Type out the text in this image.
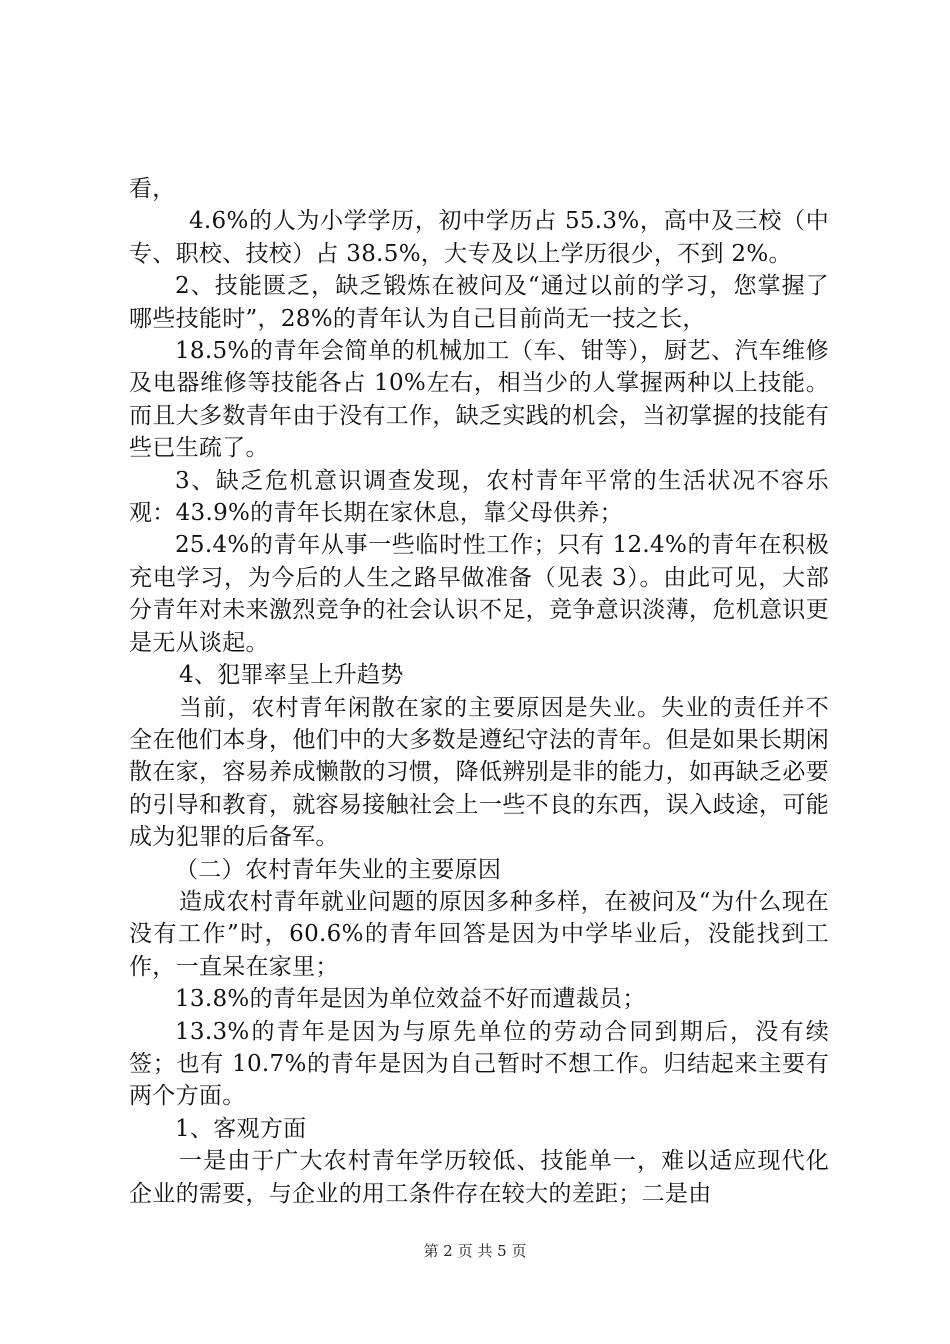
看，

4.6%的人为小学学历，初中学历占 55.3%，高中及三校（中专、职校、技校）占 38.5%，大专及以上学历很少，不到 2%。

2、技能匮乏，缺乏锻炼在被问及“通过以前的学习，您掌握了哪些技能时”，28%的青年认为自己目前尚无一技之长，

18.5%的青年会简单的机械加工（车、钳等），厨艺、汽车维修及电器维修等技能各占 10%左右，相当少的人掌握两种以上技能。而且大多数青年由于没有工作，缺乏实践的机会，当初掌握的技能有些已生疏了。

3、缺乏危机意识调查发现，农村青年平常的生活状况不容乐观：43.9%的青年长期在家休息，靠父母供养；

25.4%的青年从事一些临时性工作；只有 12.4%的青年在积极充电学习，为今后的人生之路早做准备（见表 3）。由此可见，大部分青年对未来激烈竞争的社会认识不足，竞争意识淡薄，危机意识更是无从谈起。

4、犯罪率呈上升趋势

当前，农村青年闲散在家的主要原因是失业。失业的责任并不全在他们本身，他们中的大多数是遵纪守法的青年。但是如果长期闲散在家，容易养成懒散的习惯，降低辨别是非的能力，如再缺乏必要的引导和教育，就容易接触社会上一些不良的东西，误入歧途，可能成为犯罪的后备军。

（二）农村青年失业的主要原因

造成农村青年就业问题的原因多种多样，在被问及“为什么现在没有工作”时，60.6%的青年回答是因为中学毕业后，没能找到工作，一直呆在家里；

13.8%的青年是因为单位效益不好而遭裁员；

13.3%的青年是因为与原先单位的劳动合同到期后，没有续签；也有 10.7%的青年是因为自己暂时不想工作。归结起来主要有两个方面。

1、客观方面

一是由于广大农村青年学历较低、技能单一，难以适应现代化企业的需要，与企业的用工条件存在较大的差距；二是由

第 2 页 共 5 页
